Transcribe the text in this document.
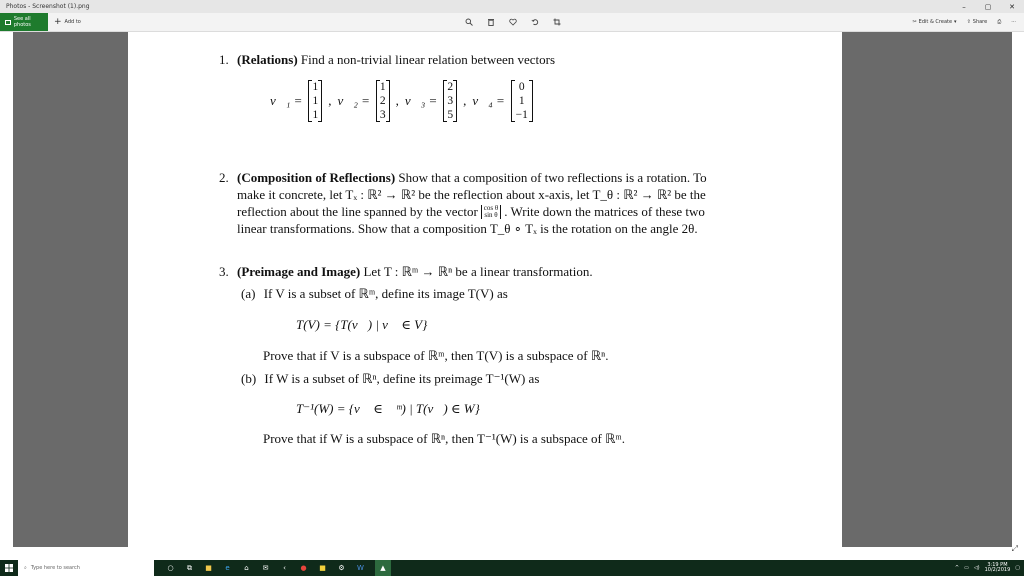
Photos - Screenshot (1).png	–	▢	✕
See all photos	+ Add to	✂ Edit & Create ▾ ⇪ Share ⎙ ···
1. (Relations) Find a non-trivial linear relation between vectors
v⃗₁ =
1
1
1
, v⃗₂ =
1
2
3
, v⃗₃ =
2
3
5
, v⃗₄ =
0
1
−1
2. (Composition of Reflections) Show that a composition of two reflections is a rotation. To
make it concrete, let Tₓ : ℝ² → ℝ² be the reflection about x-axis, let T_θ : ℝ² → ℝ² be the
reflection about the line spanned by the vector cos θ
sin θ . Write down the matrices of these two
linear transformations. Show that a composition T_θ ∘ Tₓ is the rotation on the angle 2θ.
3. (Preimage and Image) Let T : ℝᵐ → ℝⁿ be a linear transformation.
(a) If V is a subset of ℝᵐ, define its image T(V) as
T(V) = {T(v⃗) | v⃗ ∈ V}
Prove that if V is a subspace of ℝᵐ, then T(V) is a subspace of ℝⁿ.
(b) If W is a subset of ℝⁿ, define its preimage T⁻¹(W) as
T⁻¹(W) = {v⃗ ∈ ℝᵐ) | T(v⃗) ∈ W}
Prove that if W is a subspace of ℝⁿ, then T⁻¹(W) is a subspace of ℝᵐ.
⤢
⌕ Type here to search	○ ⧉ ■	e	⌂	✉	‹	● ■ ⚙ W	▲	^ ▭ ◁) 3:19 PM
10/2/2019 ▢
